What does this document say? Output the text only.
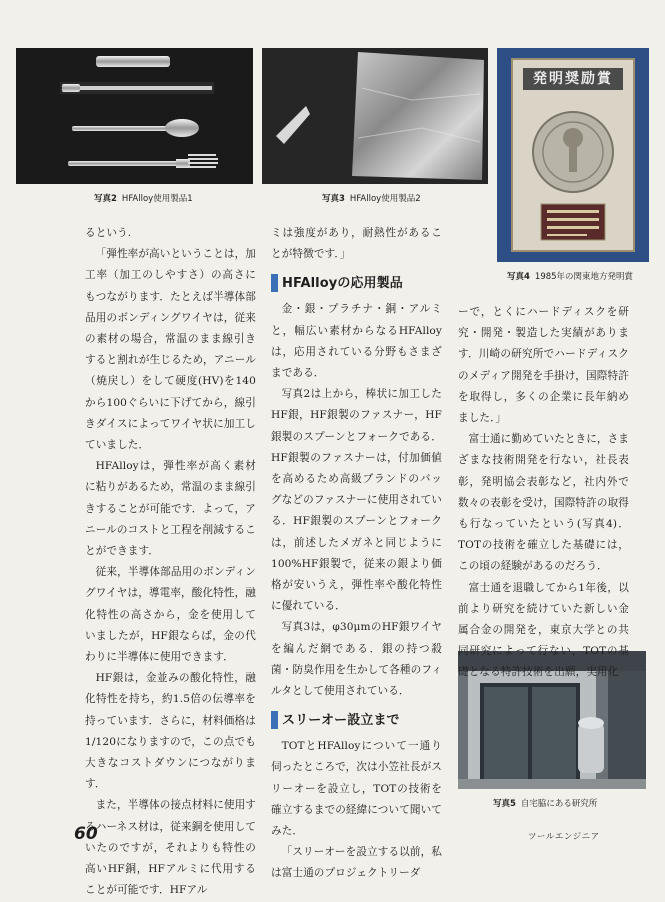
写真2 HFAlloy使用製品1	写真3 HFAlloy使用製品2
発明奨励賞
写真4 1985年の関東地方発明賞
写真5 自宅脇にある研究所

るという.

「弾性率が高いということは，加工率（加工のしやすさ）の高さにもつながります．たとえば半導体部品用のボンディングワイヤは，従来の素材の場合，常温のまま線引きすると割れが生じるため，アニール（焼戻し）をして硬度(HV)を140から100ぐらいに下げてから，線引きダイスによってワイヤ状に加工していました．

HFAlloyは，弾性率が高く素材に粘りがあるため，常温のまま線引きすることが可能です．よって，アニールのコストと工程を削減することができます．

従来，半導体部品用のボンディングワイヤは，導電率，酸化特性，融化特性の高さから，金を使用していましたが，HF銀ならば，金の代わりに半導体に使用できます．

HF銀は，金並みの酸化特性，融化特性を持ち，約1.5倍の伝導率を持っています．さらに，材料価格は1/120になりますので，この点でも大きなコストダウンにつながります．

また，半導体の接点材料に使用するハーネス材は，従来銅を使用していたのですが，それよりも特性の高いHF銅，HFアルミに代用することが可能です．HFアル

ミは強度があり，耐熱性があることが特徴です．」

HFAlloyの応用製品

金・銀・プラチナ・銅・アルミと，幅広い素材からなるHFAlloyは，応用されている分野もさまざまである．

写真2は上から，棒状に加工したHF銀，HF銀製のファスナー，HF銀製のスプーンとフォークである．HF銀製のファスナーは，付加価値を高めるため高級ブランドのバッグなどのファスナーに使用されている．HF銀製のスプーンとフォークは，前述したメガネと同じように100%HF銀製で，従来の銀より価格が安いうえ，弾性率や酸化特性に優れている．

写真3は，φ30μmのHF銀ワイヤを編んだ網である．銀の持つ殺菌・防臭作用を生かして各種のフィルタとして使用されている．

スリーオー設立まで

TOTとHFAlloyについて一通り伺ったところで，次は小笠社長がスリーオーを設立し，TOTの技術を確立するまでの経緯について聞いてみた．

「スリーオーを設立する以前，私は富士通のプロジェクトリーダ

ーで，とくにハードディスクを研究・開発・製造した実績があります．川崎の研究所でハードディスクのメディア開発を手掛け，国際特許を取得し，多くの企業に長年納めました．」

富士通に勤めていたときに，さまざまな技術開発を行ない，社長表彰，発明協会表彰など，社内外で数々の表彰を受け，国際特許の取得も行なっていたという(写真4)．TOTの技術を確立した基礎には，この頃の経験があるのだろう．

富士通を退職してから1年後，以前より研究を続けていた新しい金属合金の開発を，東京大学との共同研究によって行ない，TOTの基礎となる特許技術を出願，実用化

60	ツールエンジニア
